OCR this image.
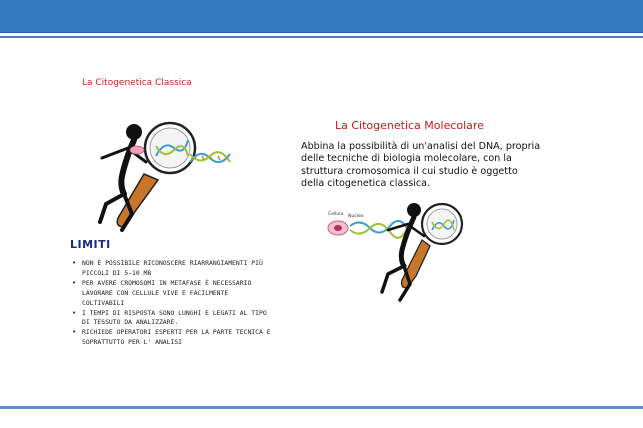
La Citogenetica Classica
LIMITI
• NON È POSSIBILE RICONOSCERE RIARRANGIAMENTI PIÙ PICCOLI DI 5-10 MB
• PER AVERE CROMOSOMI IN METAFASE È NECESSARIO LAVORARE CON CELLULE VIVE E FACILMENTE COLTIVABILI
• I TEMPI DI RISPOSTA SONO LUNGHI E LEGATI AL TIPO DI TESSUTO DA ANALIZZARE.
• RICHIEDE OPERATORI ESPERTI PER LA PARTE TECNICA E SOPRATTUTTO PER L' ANALISI
La Citogenetica Molecolare
Abbina la possibilità di un'analisi del DNA, propria delle tecniche di biologia molecolare, con la struttura cromosomica il cui studio è oggetto della citogenetica classica.
Cellula Nucleo
